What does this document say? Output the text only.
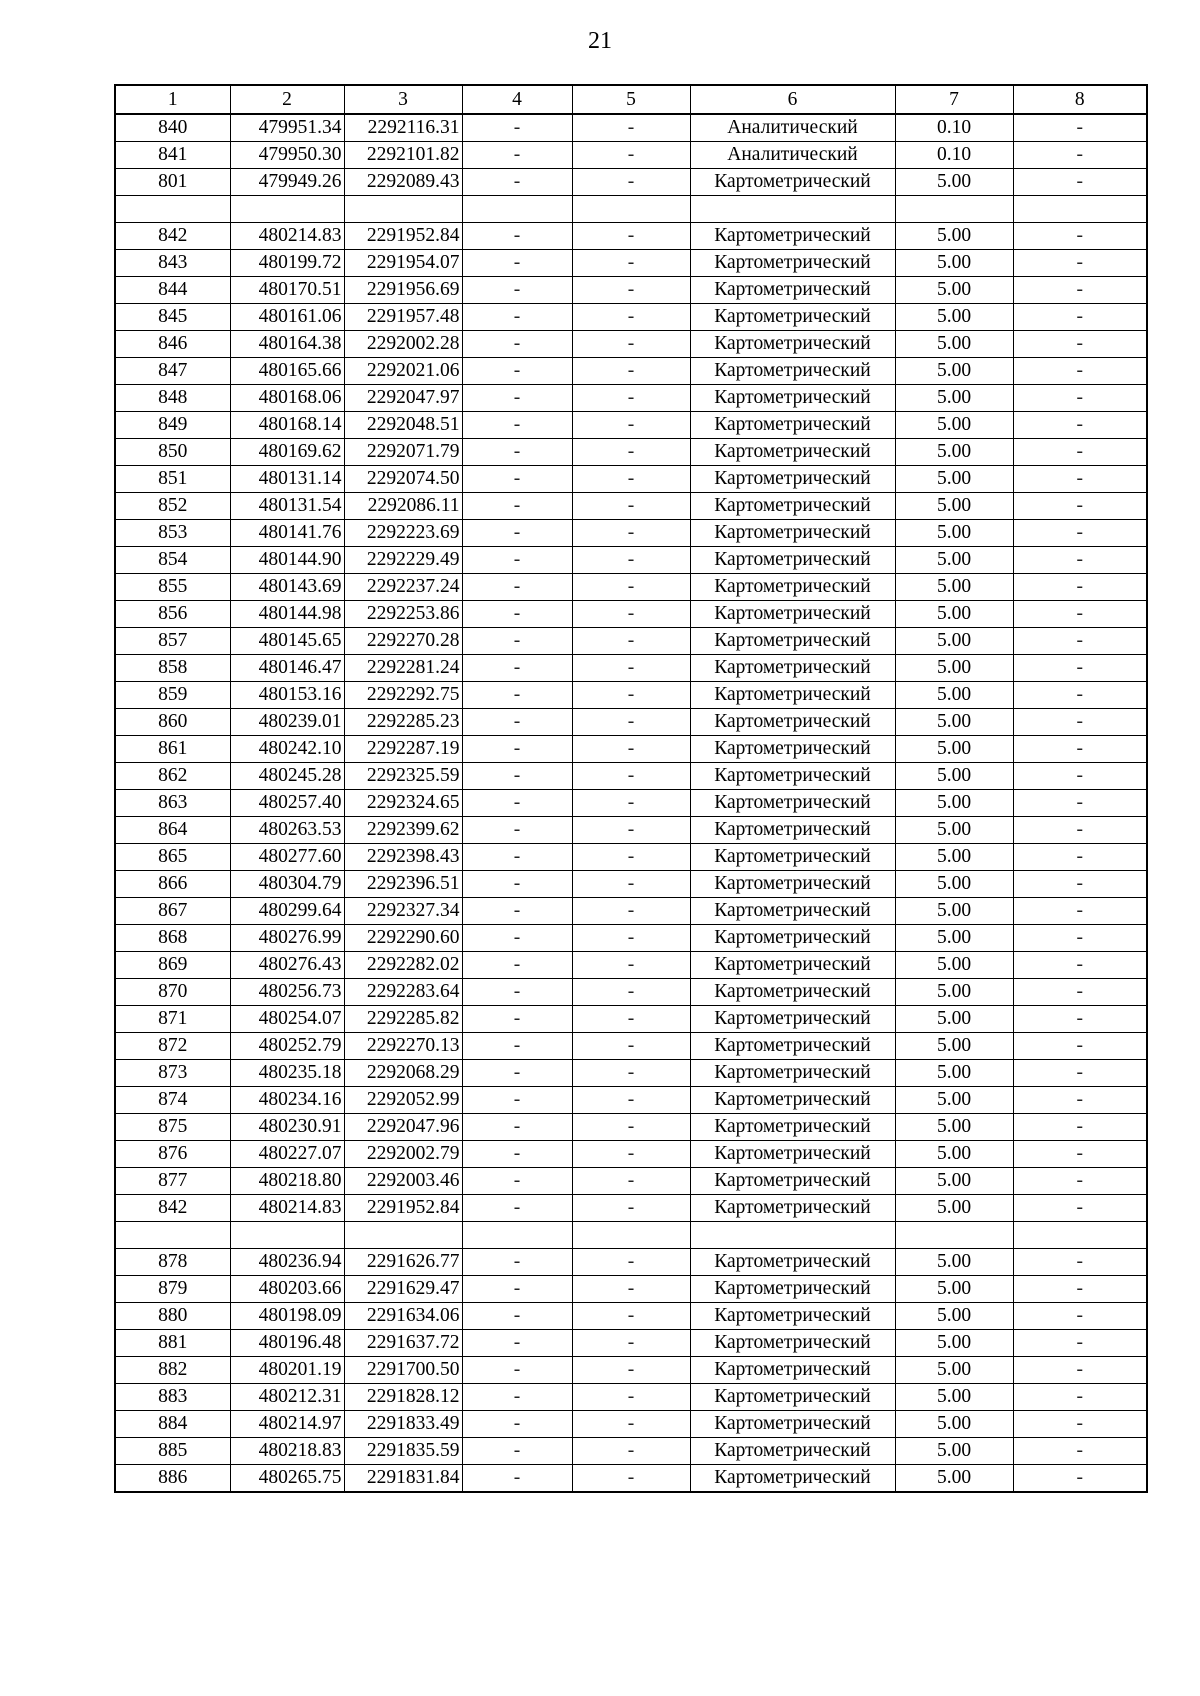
21
1	2	3	4	5	6	7	8
840	479951.34	2292116.31	-	-	Аналитический	0.10	-
841	479950.30	2292101.82	-	-	Аналитический	0.10	-
801	479949.26	2292089.43	-	-	Картометрический	5.00	-

842	480214.83	2291952.84	-	-	Картометрический	5.00	-
843	480199.72	2291954.07	-	-	Картометрический	5.00	-
844	480170.51	2291956.69	-	-	Картометрический	5.00	-
845	480161.06	2291957.48	-	-	Картометрический	5.00	-
846	480164.38	2292002.28	-	-	Картометрический	5.00	-
847	480165.66	2292021.06	-	-	Картометрический	5.00	-
848	480168.06	2292047.97	-	-	Картометрический	5.00	-
849	480168.14	2292048.51	-	-	Картометрический	5.00	-
850	480169.62	2292071.79	-	-	Картометрический	5.00	-
851	480131.14	2292074.50	-	-	Картометрический	5.00	-
852	480131.54	2292086.11	-	-	Картометрический	5.00	-
853	480141.76	2292223.69	-	-	Картометрический	5.00	-
854	480144.90	2292229.49	-	-	Картометрический	5.00	-
855	480143.69	2292237.24	-	-	Картометрический	5.00	-
856	480144.98	2292253.86	-	-	Картометрический	5.00	-
857	480145.65	2292270.28	-	-	Картометрический	5.00	-
858	480146.47	2292281.24	-	-	Картометрический	5.00	-
859	480153.16	2292292.75	-	-	Картометрический	5.00	-
860	480239.01	2292285.23	-	-	Картометрический	5.00	-
861	480242.10	2292287.19	-	-	Картометрический	5.00	-
862	480245.28	2292325.59	-	-	Картометрический	5.00	-
863	480257.40	2292324.65	-	-	Картометрический	5.00	-
864	480263.53	2292399.62	-	-	Картометрический	5.00	-
865	480277.60	2292398.43	-	-	Картометрический	5.00	-
866	480304.79	2292396.51	-	-	Картометрический	5.00	-
867	480299.64	2292327.34	-	-	Картометрический	5.00	-
868	480276.99	2292290.60	-	-	Картометрический	5.00	-
869	480276.43	2292282.02	-	-	Картометрический	5.00	-
870	480256.73	2292283.64	-	-	Картометрический	5.00	-
871	480254.07	2292285.82	-	-	Картометрический	5.00	-
872	480252.79	2292270.13	-	-	Картометрический	5.00	-
873	480235.18	2292068.29	-	-	Картометрический	5.00	-
874	480234.16	2292052.99	-	-	Картометрический	5.00	-
875	480230.91	2292047.96	-	-	Картометрический	5.00	-
876	480227.07	2292002.79	-	-	Картометрический	5.00	-
877	480218.80	2292003.46	-	-	Картометрический	5.00	-
842	480214.83	2291952.84	-	-	Картометрический	5.00	-

878	480236.94	2291626.77	-	-	Картометрический	5.00	-
879	480203.66	2291629.47	-	-	Картометрический	5.00	-
880	480198.09	2291634.06	-	-	Картометрический	5.00	-
881	480196.48	2291637.72	-	-	Картометрический	5.00	-
882	480201.19	2291700.50	-	-	Картометрический	5.00	-
883	480212.31	2291828.12	-	-	Картометрический	5.00	-
884	480214.97	2291833.49	-	-	Картометрический	5.00	-
885	480218.83	2291835.59	-	-	Картометрический	5.00	-
886	480265.75	2291831.84	-	-	Картометрический	5.00	-
